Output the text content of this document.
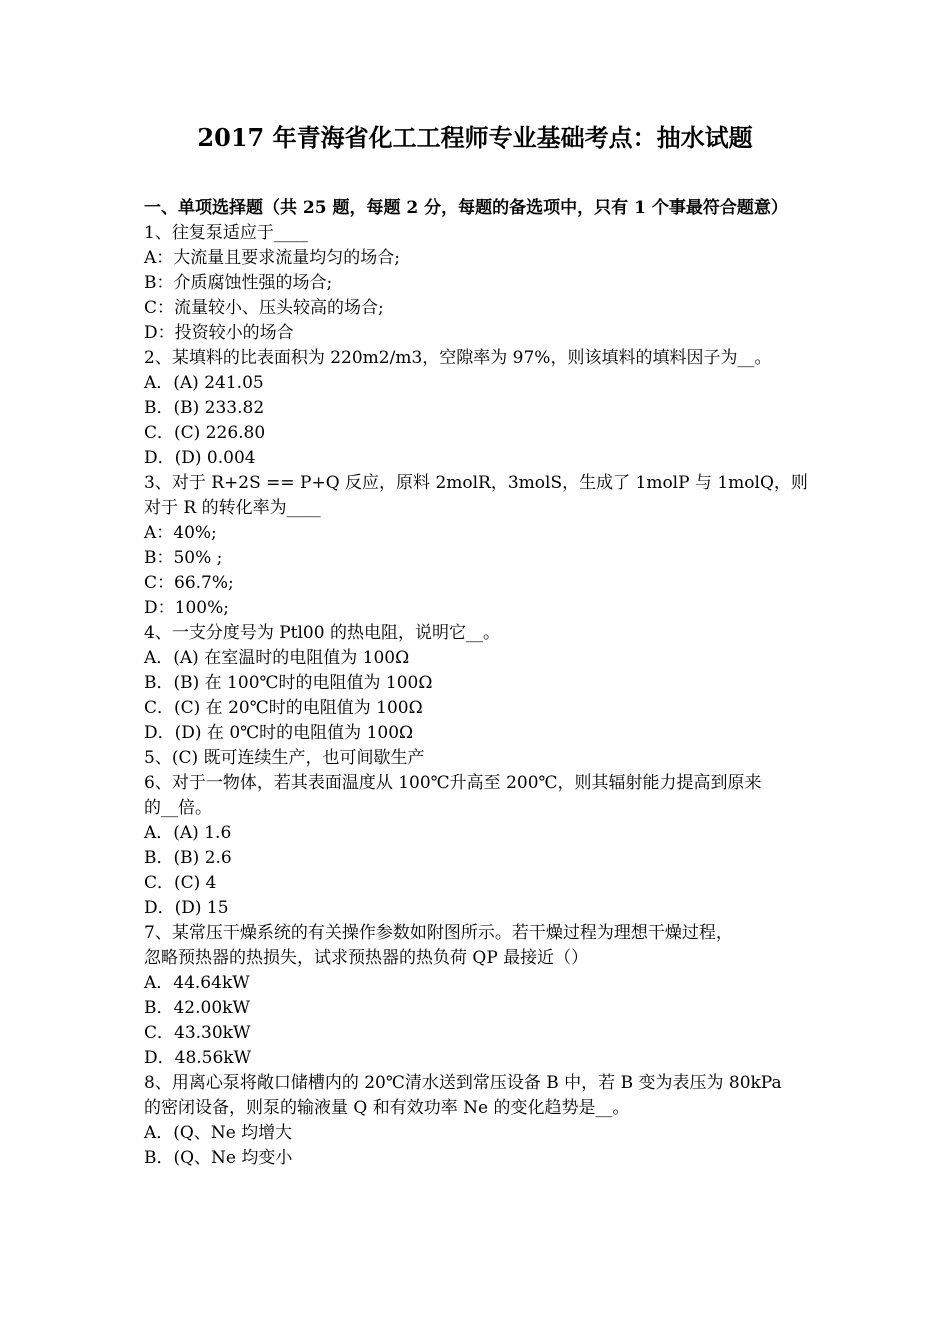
2017 年青海省化工工程师专业基础考点：抽水试题

一、单项选择题（共 25 题，每题 2 分，每题的备选项中，只有 1 个事最符合题意）

1、往复泵适应于____

A：大流量且要求流量均匀的场合;

B：介质腐蚀性强的场合;

C：流量较小、压头较高的场合;

D：投资较小的场合

2、某填料的比表面积为 220m2/m3，空隙率为 97%，则该填料的填料因子为__。

A．(A) 241.05

B．(B) 233.82

C．(C) 226.80

D．(D) 0.004

3、对于 R+2S == P+Q 反应，原料 2molR，3molS，生成了 1molP 与 1molQ，则

对于 R 的转化率为____

A：40%;

B：50% ;

C：66.7%;

D：100%;

4、一支分度号为 Ptl00 的热电阻，说明它__。

A．(A) 在室温时的电阻值为 100Ω

B．(B) 在 100℃时的电阻值为 100Ω

C．(C) 在 20℃时的电阻值为 100Ω

D．(D) 在 0℃时的电阻值为 100Ω

5、(C) 既可连续生产，也可间歇生产

6、对于一物体，若其表面温度从 100℃升高至 200℃，则其辐射能力提高到原来

的__倍。

A．(A) 1.6

B．(B) 2.6

C．(C) 4

D．(D) 15

7、某常压干燥系统的有关操作参数如附图所示。若干燥过程为理想干燥过程，

忽略预热器的热损失，试求预热器的热负荷 QP 最接近（）

A．44.64kW

B．42.00kW

C．43.30kW

D．48.56kW

8、用离心泵将敞口储槽内的 20℃清水送到常压设备 B 中，若 B 变为表压为 80kPa

的密闭设备，则泵的输液量 Q 和有效功率 Ne 的变化趋势是__。

A．(Q、Ne 均增大

B．(Q、Ne 均变小
